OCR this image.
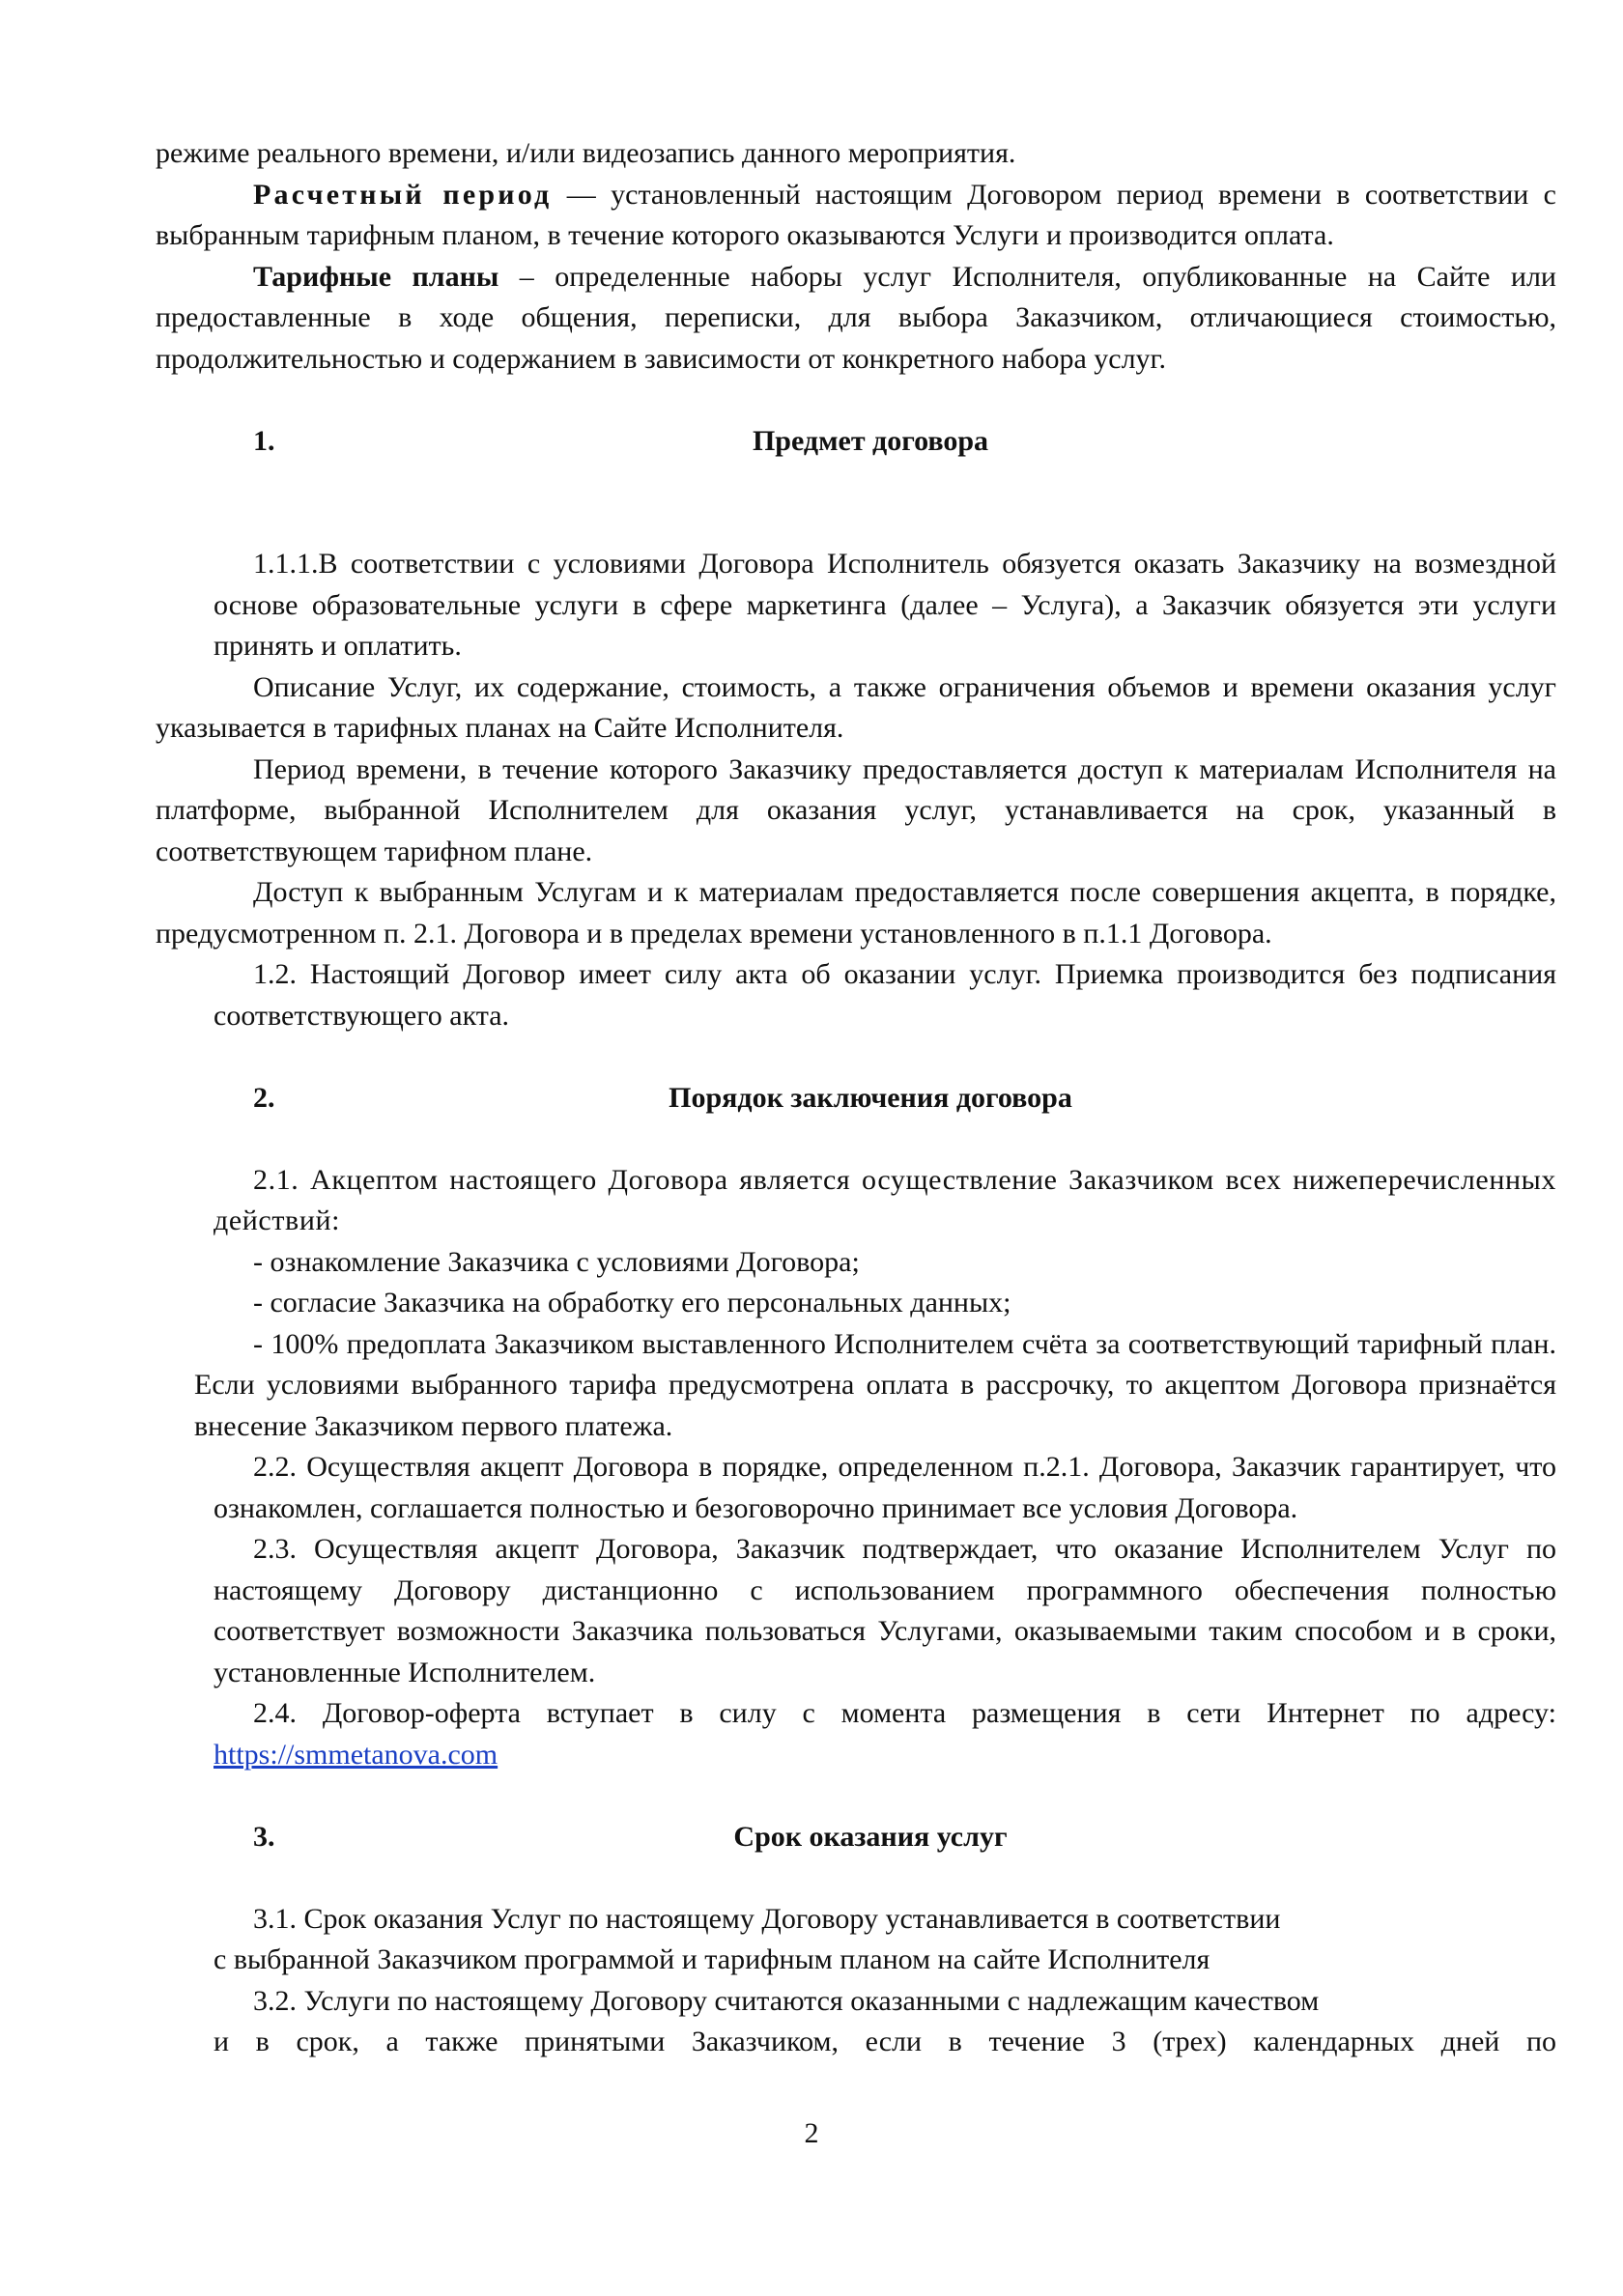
режиме реального времени, и/или видеозапись данного мероприятия.

Расчетный период — установленный настоящим Договором период времени в соответствии с выбранным тарифным планом, в течение которого оказываются Услуги и производится оплата.

Тарифные планы – определенные наборы услуг Исполнителя, опубликованные на Сайте или предоставленные в ходе общения, переписки, для выбора Заказчиком, отличающиеся стоимостью, продолжительностью и содержанием в зависимости от конкретного набора услуг.

1.	Предмет договора

1.1.1.В соответствии с условиями Договора Исполнитель обязуется оказать Заказчику на возмездной основе образовательные услуги в сфере маркетинга (далее – Услуга), а Заказчик обязуется эти услуги принять и оплатить.

Описание Услуг, их содержание, стоимость, а также ограничения объемов и времени оказания услуг указывается в тарифных планах на Сайте Исполнителя.

Период времени, в течение которого Заказчику предоставляется доступ к материалам Исполнителя на платформе, выбранной Исполнителем для оказания услуг, устанавливается на срок, указанный в соответствующем тарифном плане.

Доступ к выбранным Услугам и к материалам предоставляется после совершения акцепта, в порядке, предусмотренном п. 2.1. Договора и в пределах времени установленного в п.1.1 Договора.

1.2. Настоящий Договор имеет силу акта об оказании услуг. Приемка производится без подписания соответствующего акта.

2.	Порядок заключения договора

2.1. Акцептом настоящего Договора является осуществление Заказчиком всех нижеперечисленных действий:

- ознакомление Заказчика с условиями Договора;

- согласие Заказчика на обработку его персональных данных;

- 100% предоплата Заказчиком выставленного Исполнителем счёта за соответствующий тарифный план. Если условиями выбранного тарифа предусмотрена оплата в рассрочку, то акцептом Договора признаётся внесение Заказчиком первого платежа.

2.2. Осуществляя акцепт Договора в порядке, определенном п.2.1. Договора, Заказчик гарантирует, что ознакомлен, соглашается полностью и безоговорочно принимает все условия Договора.

2.3. Осуществляя акцепт Договора, Заказчик подтверждает, что оказание Исполнителем Услуг по настоящему Договору дистанционно с использованием программного обеспечения полностью соответствует возможности Заказчика пользоваться Услугами, оказываемыми таким способом и в сроки, установленные Исполнителем.

2.4. Договор-оферта вступает в силу с момента размещения в сети Интернет по адресу: https://smmetanova.com

3.	Срок оказания услуг

3.1. Срок оказания Услуг по настоящему Договору устанавливается в соответствии

с выбранной Заказчиком программой и тарифным планом на сайте Исполнителя

3.2. Услуги по настоящему Договору считаются оказанными с надлежащим качеством

и в срок, а также принятыми Заказчиком, если в течение 3 (трех) календарных дней по

2
